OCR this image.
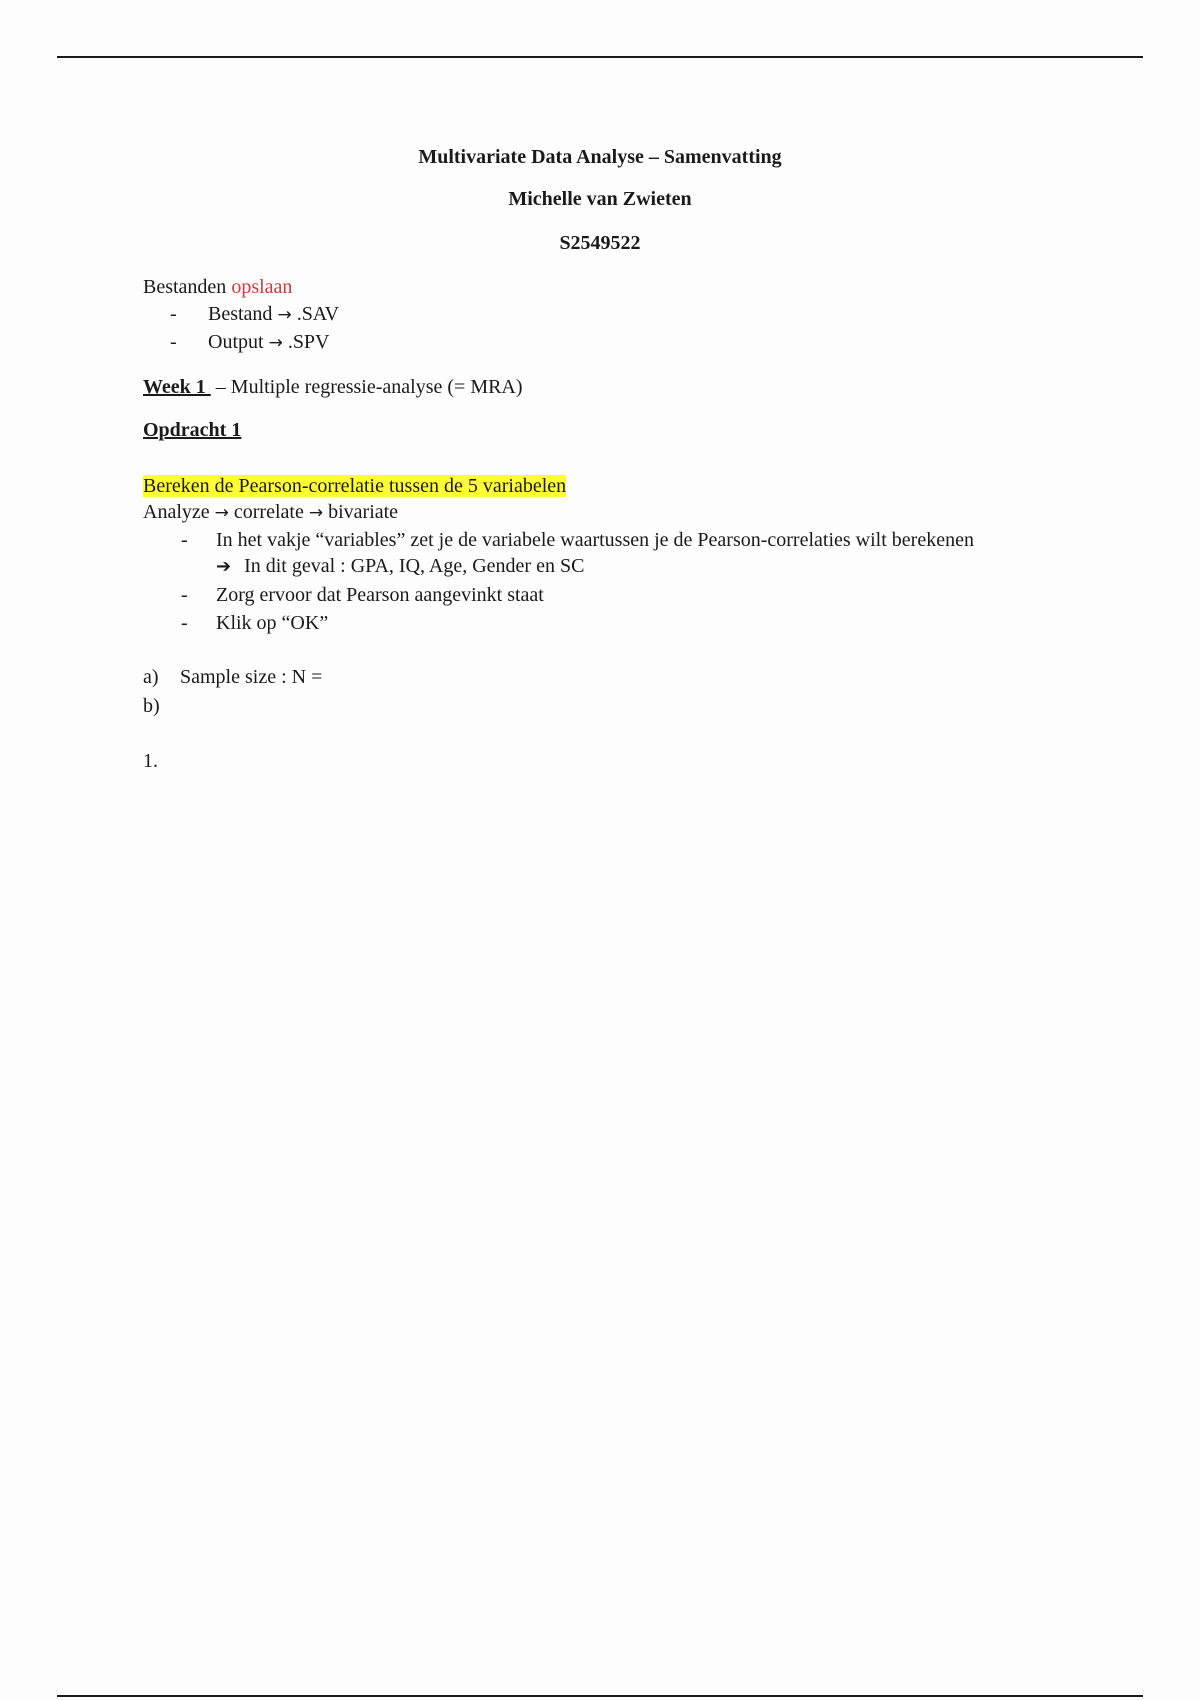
Multivariate Data Analyse – Samenvatting
Michelle van Zwieten
S2549522
Bestanden opslaan
- Bestand → .SAV
- Output → .SPV
Week 1  – Multiple regressie-analyse (= MRA)
Opdracht 1
Bereken de Pearson-correlatie tussen de 5 variabelen
Analyze → correlate → bivariate
- In het vakje “variables” zet je de variabele waartussen je de Pearson-correlaties wilt berekenen
➔ In dit geval : GPA, IQ, Age, Gender en SC
- Zorg ervoor dat Pearson aangevinkt staat
- Klik op “OK”
a) Sample size : N =
b)
1.
